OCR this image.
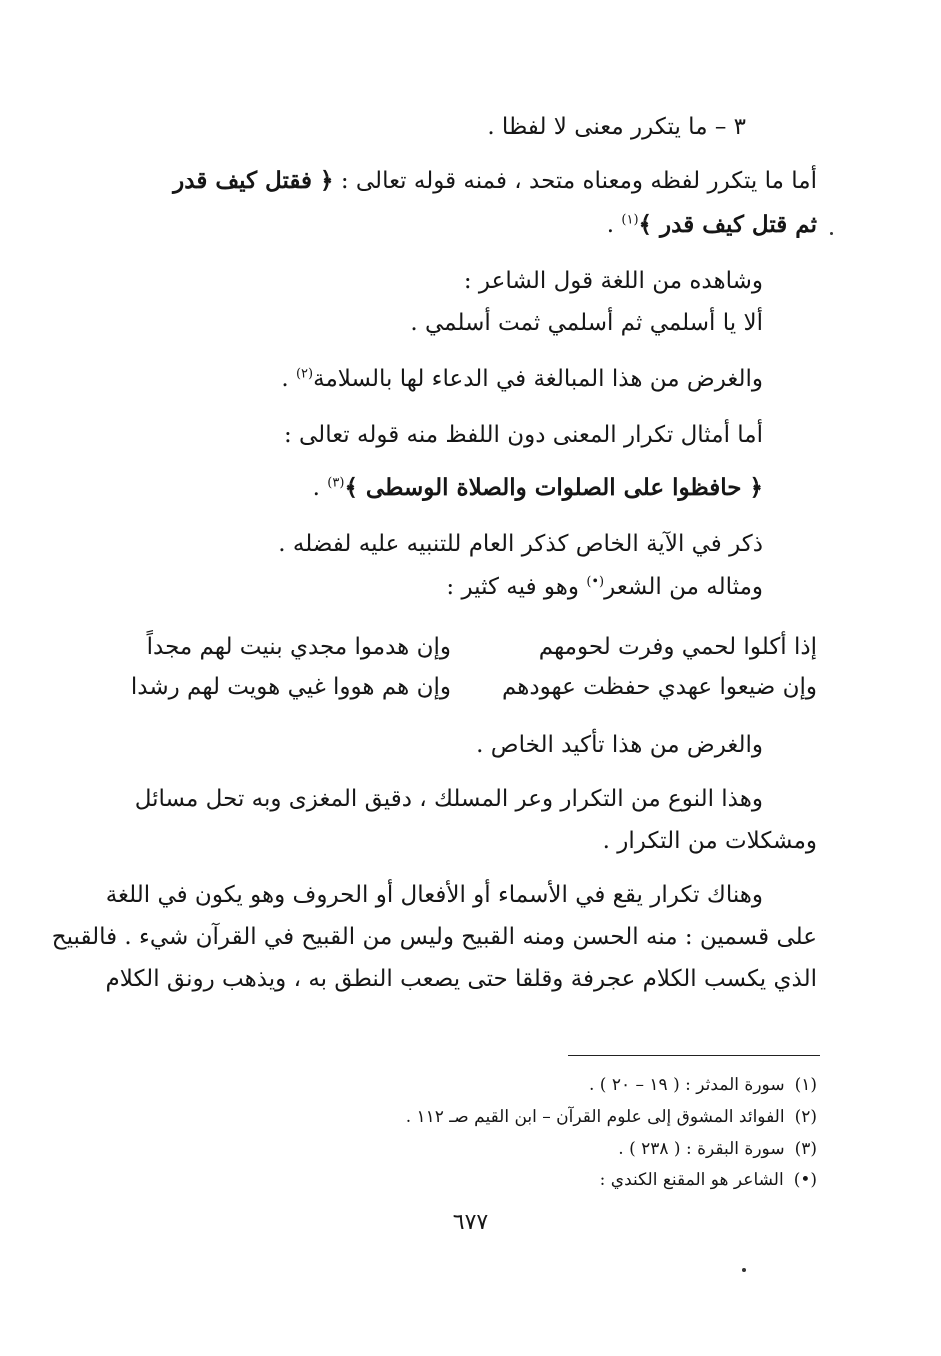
٣ – ما يتكرر معنى لا لفظا .
أما ما يتكرر لفظه ومعناه متحد ، فمنه قوله تعالى : ﴿ فقتل كيف قدر
ثم قتل كيف قدر ﴾$^{(١)}$ .
وشاهده من اللغة قول الشاعر :
ألا يا أسلمي ثم أسلمي ثمت أسلمي .
والغرض من هذا المبالغة في الدعاء لها بالسلامة$^{(٢)}$ .
أما أمثال تكرار المعنى دون اللفظ منه قوله تعالى :
﴿ حافظوا على الصلوات والصلاة الوسطى ﴾$^{(٣)}$ .
ذكر في الآية الخاص كذكر العام للتنبيه عليه لفضله .
ومثاله من الشعر(•) وهو فيه كثير :
إذا أكلوا لحمي وفرت لحومهم
وإن هدموا مجدي بنيت لهم مجداً
وإن ضيعوا عهدي حفظت عهودهم
وإن هم هووا غيي هويت لهم رشدا
والغرض من هذا تأكيد الخاص .
وهذا النوع من التكرار وعر المسلك ، دقيق المغزى وبه تحل مسائل
ومشكلات من التكرار .
وهناك تكرار يقع في الأسماء أو الأفعال أو الحروف وهو يكون في اللغة
على قسمين : منه الحسن ومنه القبيح وليس من القبيح في القرآن شيء . فالقبيح
الذي يكسب الكلام عجرفة وقلقا حتى يصعب النطق به ، ويذهب رونق الكلام
(١)سورة المدثر : ( ١٩ – ٢٠ ) .
(٢)الفوائد المشوق إلى علوم القرآن – ابن القيم صـ ١١٢ .
(٣)سورة البقرة : ( ٢٣٨ ) .
(•)الشاعر هو المقنع الكندي :
٦٧٧
